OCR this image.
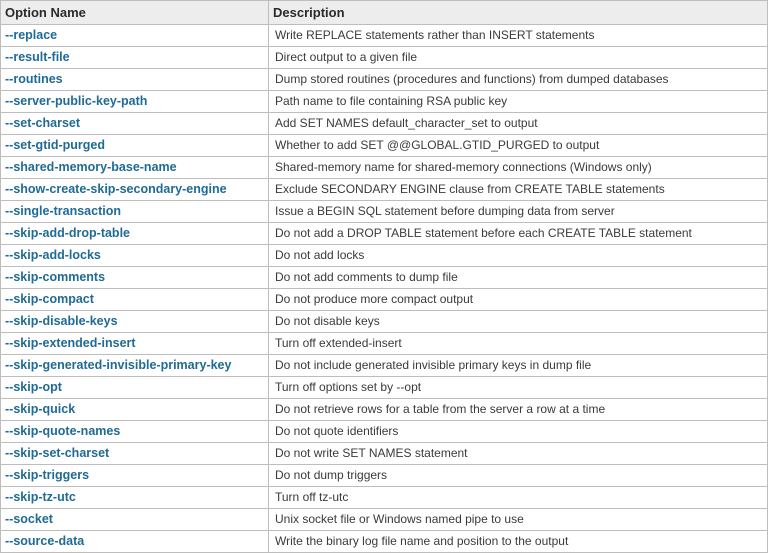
Option Name	Description
--replace	Write REPLACE statements rather than INSERT statements
--result-file	Direct output to a given file
--routines	Dump stored routines (procedures and functions) from dumped databases
--server-public-key-path	Path name to file containing RSA public key
--set-charset	Add SET NAMES default_character_set to output
--set-gtid-purged	Whether to add SET @@GLOBAL.GTID_PURGED to output
--shared-memory-base-name	Shared-memory name for shared-memory connections (Windows only)
--show-create-skip-secondary-engine	Exclude SECONDARY ENGINE clause from CREATE TABLE statements
--single-transaction	Issue a BEGIN SQL statement before dumping data from server
--skip-add-drop-table	Do not add a DROP TABLE statement before each CREATE TABLE statement
--skip-add-locks	Do not add locks
--skip-comments	Do not add comments to dump file
--skip-compact	Do not produce more compact output
--skip-disable-keys	Do not disable keys
--skip-extended-insert	Turn off extended-insert
--skip-generated-invisible-primary-key	Do not include generated invisible primary keys in dump file
--skip-opt	Turn off options set by --opt
--skip-quick	Do not retrieve rows for a table from the server a row at a time
--skip-quote-names	Do not quote identifiers
--skip-set-charset	Do not write SET NAMES statement
--skip-triggers	Do not dump triggers
--skip-tz-utc	Turn off tz-utc
--socket	Unix socket file or Windows named pipe to use
--source-data	Write the binary log file name and position to the output
